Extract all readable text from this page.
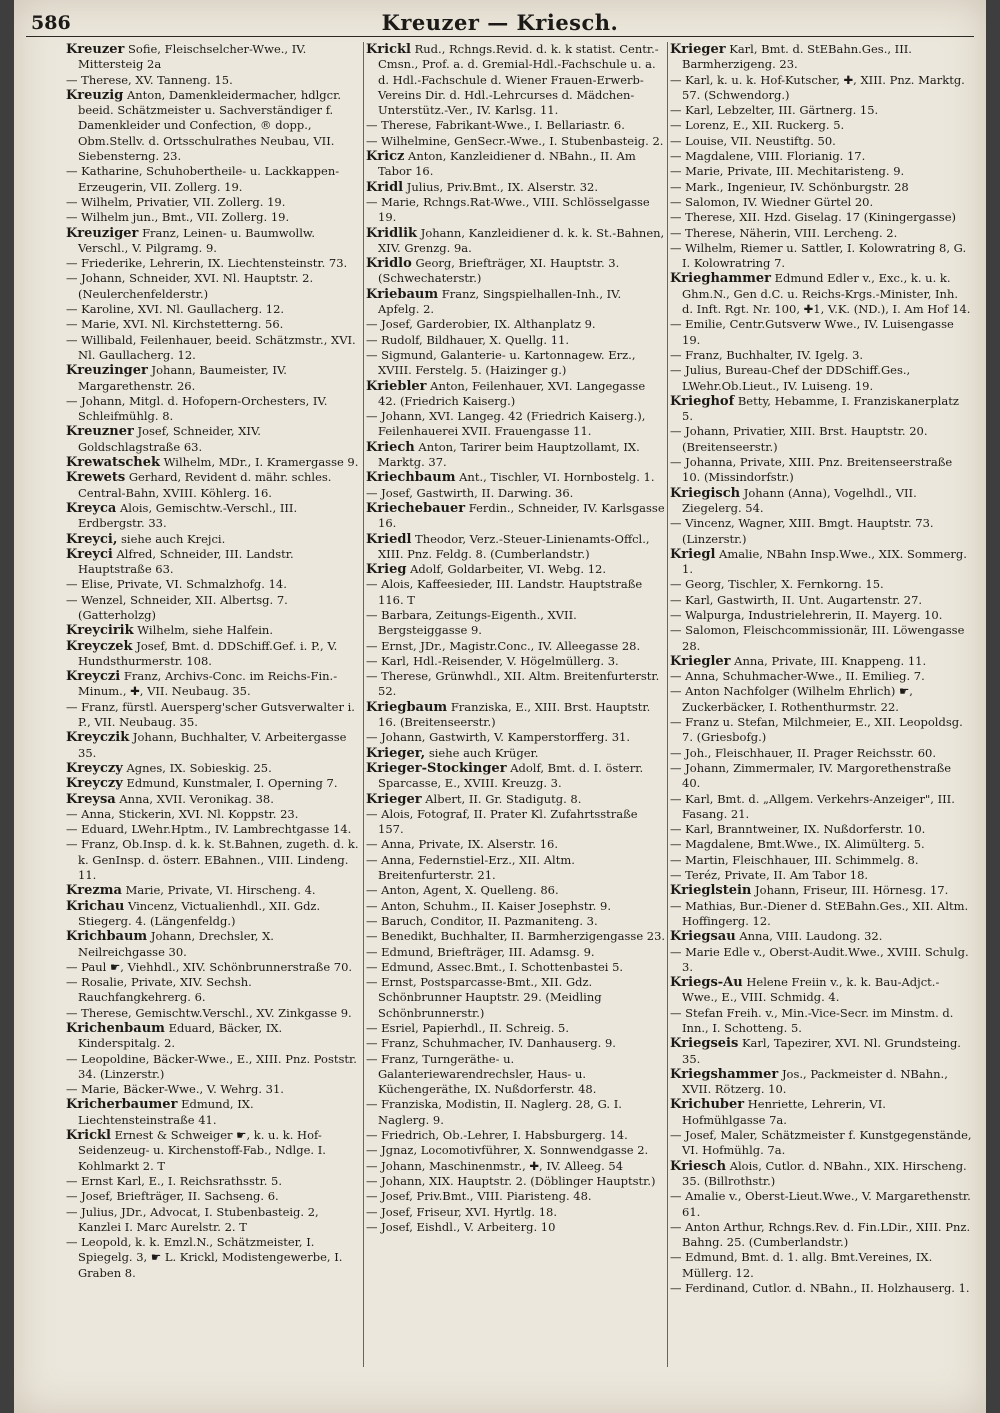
586	Kreuzer — Kriesch.
Kreuzer Sofie, Fleischselcher-Wwe., IV. Mittersteig 2a
— Therese, XV. Tanneng. 15.
Kreuzig Anton, Damenkleidermacher, hdlgcr. beeid. Schätzmeister u. Sachverständiger f. Damenkleider und Confection, ® dopp., Obm.Stellv. d. Ortsschulrathes Neubau, VII. Siebensterng. 23.
— Katharine, Schuhobertheile- u. Lackkappen-Erzeugerin, VII. Zollerg. 19.
— Wilhelm, Privatier, VII. Zollerg. 19.
— Wilhelm jun., Bmt., VII. Zollerg. 19.
Kreuziger Franz, Leinen- u. Baumwollw. Verschl., V. Pilgramg. 9.
— Friederike, Lehrerin, IX. Liechtensteinstr. 73.
— Johann, Schneider, XVI. Nl. Hauptstr. 2. (Neulerchenfelderstr.)
— Karoline, XVI. Nl. Gaullacherg. 12.
— Marie, XVI. Nl. Kirchstetterng. 56.
— Willibald, Feilenhauer, beeid. Schätzmstr., XVI. Nl. Gaullacherg. 12.
Kreuzinger Johann, Baumeister, IV. Margarethenstr. 26.
— Johann, Mitgl. d. Hofopern-Orchesters, IV. Schleifmühlg. 8.
Kreuzner Josef, Schneider, XIV. Goldschlagstraße 63.
Krewatschek Wilhelm, MDr., I. Kramergasse 9.
Krewets Gerhard, Revident d. mähr. schles. Central-Bahn, XVIII. Köhlerg. 16.
Kreyca Alois, Gemischtw.-Verschl., III. Erdbergstr. 33.
Kreyci, siehe auch Krejci.
Kreyci Alfred, Schneider, III. Landstr. Hauptstraße 63.
— Elise, Private, VI. Schmalzhofg. 14.
— Wenzel, Schneider, XII. Albertsg. 7. (Gatterholzg)
Kreycirik Wilhelm, siehe Halfein.
Kreyczek Josef, Bmt. d. DDSchiff.Gef. i. P., V. Hundsthurmerstr. 108.
Kreyczi Franz, Archivs-Conc. im Reichs-Fin.-Minum., ✚, VII. Neubaug. 35.
— Franz, fürstl. Auersperg'scher Gutsverwalter i. P., VII. Neubaug. 35.
Kreyczik Johann, Buchhalter, V. Arbeitergasse 35.
Kreyczy Agnes, IX. Sobieskig. 25.
Kreyczy Edmund, Kunstmaler, I. Operning 7.
Kreysa Anna, XVII. Veronikag. 38.
— Anna, Stickerin, XVI. Nl. Koppstr. 23.
— Eduard, LWehr.Hptm., IV. Lambrechtgasse 14.
— Franz, Ob.Insp. d. k. k. St.Bahnen, zugeth. d. k. k. GenInsp. d. österr. EBahnen., VIII. Lindeng. 11.
Krezma Marie, Private, VI. Hirscheng. 4.
Krichau Vincenz, Victualienhdl., XII. Gdz. Stiegerg. 4. (Längenfeldg.)
Krichbaum Johann, Drechsler, X. Neilreichgasse 30.
— Paul ☛, Viehhdl., XIV. Schönbrunnerstraße 70.
— Rosalie, Private, XIV. Sechsh. Rauchfangkehrerg. 6.
— Therese, Gemischtw.Verschl., XV. Zinkgasse 9.
Krichenbaum Eduard, Bäcker, IX. Kinderspitalg. 2.
— Leopoldine, Bäcker-Wwe., E., XIII. Pnz. Poststr. 34. (Linzerstr.)
— Marie, Bäcker-Wwe., V. Wehrg. 31.
Kricherbaumer Edmund, IX. Liechtensteinstraße 41.
Krickl Ernest & Schweiger ☛, k. u. k. Hof-Seidenzeug- u. Kirchenstoff-Fab., Ndlge. I. Kohlmarkt 2. T
— Ernst Karl, E., I. Reichsrathsstr. 5.
— Josef, Briefträger, II. Sachseng. 6.
— Julius, JDr., Advocat, I. Stubenbasteig. 2, Kanzlei I. Marc Aurelstr. 2. T
— Leopold, k. k. Emzl.N., Schätzmeister, I. Spiegelg. 3, ☛ L. Krickl, Modistengewerbe, I. Graben 8.
Krickl Rud., Rchngs.Revid. d. k. k statist. Centr.-Cmsn., Prof. a. d. Gremial-Hdl.-Fachschule u. a. d. Hdl.-Fachschule d. Wiener Frauen-Erwerb-Vereins Dir. d. Hdl.-Lehrcurses d. Mädchen-Unterstütz.-Ver., IV. Karlsg. 11.
— Therese, Fabrikant-Wwe., I. Bellariastr. 6.
— Wilhelmine, GenSecr.-Wwe., I. Stubenbasteig. 2.
Kricz Anton, Kanzleidiener d. NBahn., II. Am Tabor 16.
Kridl Julius, Priv.Bmt., IX. Alserstr. 32.
— Marie, Rchngs.Rat-Wwe., VIII. Schlösselgasse 19.
Kridlik Johann, Kanzleidiener d. k. k. St.-Bahnen, XIV. Grenzg. 9a.
Kridlo Georg, Briefträger, XI. Hauptstr. 3. (Schwechaterstr.)
Kriebaum Franz, Singspielhallen-Inh., IV. Apfelg. 2.
— Josef, Garderobier, IX. Althanplatz 9.
— Rudolf, Bildhauer, X. Quellg. 11.
— Sigmund, Galanterie- u. Kartonnagew. Erz., XVIII. Ferstelg. 5. (Haizinger g.)
Kriebler Anton, Feilenhauer, XVI. Langegasse 42. (Friedrich Kaiserg.)
— Johann, XVI. Langeg. 42 (Friedrich Kaiserg.), Feilenhauerei XVII. Frauengasse 11.
Kriech Anton, Tarirer beim Hauptzollamt, IX. Marktg. 37.
Kriechbaum Ant., Tischler, VI. Hornbostelg. 1.
— Josef, Gastwirth, II. Darwing. 36.
Kriechebauer Ferdin., Schneider, IV. Karlsgasse 16.
Kriedl Theodor, Verz.-Steuer-Linienamts-Offcl., XIII. Pnz. Feldg. 8. (Cumberlandstr.)
Krieg Adolf, Goldarbeiter, VI. Webg. 12.
— Alois, Kaffeesieder, III. Landstr. Hauptstraße 116. T
— Barbara, Zeitungs-Eigenth., XVII. Bergsteiggasse 9.
— Ernst, JDr., Magistr.Conc., IV. Alleegasse 28.
— Karl, Hdl.-Reisender, V. Högelmüllerg. 3.
— Therese, Grünwhdl., XII. Altm. Breitenfurterstr. 52.
Kriegbaum Franziska, E., XIII. Brst. Hauptstr. 16. (Breitenseerstr.)
— Johann, Gastwirth, V. Kamperstorfferg. 31.
Krieger, siehe auch Krüger.
Krieger-Stockinger Adolf, Bmt. d. I. österr. Sparcasse, E., XVIII. Kreuzg. 3.
Krieger Albert, II. Gr. Stadigutg. 8.
— Alois, Fotograf, II. Prater Kl. Zufahrtsstraße 157.
— Anna, Private, IX. Alserstr. 16.
— Anna, Federnstiel-Erz., XII. Altm. Breitenfurterstr. 21.
— Anton, Agent, X. Quelleng. 86.
— Anton, Schuhm., II. Kaiser Josephstr. 9.
— Baruch, Conditor, II. Pazmaniteng. 3.
— Benedikt, Buchhalter, II. Barmherzigengasse 23.
— Edmund, Briefträger, III. Adamsg. 9.
— Edmund, Assec.Bmt., I. Schottenbastei 5.
— Ernst, Postsparcasse-Bmt., XII. Gdz. Schönbrunner Hauptstr. 29. (Meidling Schönbrunnerstr.)
— Esriel, Papierhdl., II. Schreig. 5.
— Franz, Schuhmacher, IV. Danhauserg. 9.
— Franz, Turngeräthe- u. Galanteriewarendrechsler, Haus- u. Küchengeräthe, IX. Nußdorferstr. 48.
— Franziska, Modistin, II. Naglerg. 28, G. I. Naglerg. 9.
— Friedrich, Ob.-Lehrer, I. Habsburgerg. 14.
— Jgnaz, Locomotivführer, X. Sonnwendgasse 2.
— Johann, Maschinenmstr., ✚, IV. Alleeg. 54
— Johann, XIX. Hauptstr. 2. (Döblinger Hauptstr.)
— Josef, Priv.Bmt., VIII. Piaristeng. 48.
— Josef, Friseur, XVI. Hyrtlg. 18.
— Josef, Eishdl., V. Arbeiterg. 10
Krieger Karl, Bmt. d. StEBahn.Ges., III. Barmherzigeng. 23.
— Karl, k. u. k. Hof-Kutscher, ✚, XIII. Pnz. Marktg. 57. (Schwendorg.)
— Karl, Lebzelter, III. Gärtnerg. 15.
— Lorenz, E., XII. Ruckerg. 5.
— Louise, VII. Neustiftg. 50.
— Magdalene, VIII. Florianig. 17.
— Marie, Private, III. Mechitaristeng. 9.
— Mark., Ingenieur, IV. Schönburgstr. 28
— Salomon, IV. Wiedner Gürtel 20.
— Therese, XII. Hzd. Giselag. 17 (Kiningergasse)
— Therese, Näherin, VIII. Lercheng. 2.
— Wilhelm, Riemer u. Sattler, I. Kolowratring 8, G. I. Kolowratring 7.
Krieghammer Edmund Edler v., Exc., k. u. k. Ghm.N., Gen d.C. u. Reichs-Krgs.-Minister, Inh. d. Inft. Rgt. Nr. 100, ✚1, V.K. (ND.), I. Am Hof 14.
— Emilie, Centr.Gutsverw Wwe., IV. Luisengasse 19.
— Franz, Buchhalter, IV. Igelg. 3.
— Julius, Bureau-Chef der DDSchiff.Ges., LWehr.Ob.Lieut., IV. Luiseng. 19.
Krieghof Betty, Hebamme, I. Franziskanerplatz 5.
— Johann, Privatier, XIII. Brst. Hauptstr. 20. (Breitenseerstr.)
— Johanna, Private, XIII. Pnz. Breitenseerstraße 10. (Missindorfstr.)
Kriegisch Johann (Anna), Vogelhdl., VII. Ziegelerg. 54.
— Vincenz, Wagner, XIII. Bmgt. Hauptstr. 73. (Linzerstr.)
Kriegl Amalie, NBahn Insp.Wwe., XIX. Sommerg. 1.
— Georg, Tischler, X. Fernkorng. 15.
— Karl, Gastwirth, II. Unt. Augartenstr. 27.
— Walpurga, Industrielehrerin, II. Mayerg. 10.
— Salomon, Fleischcommissionär, III. Löwengasse 28.
Kriegler Anna, Private, III. Knappeng. 11.
— Anna, Schuhmacher-Wwe., II. Emilieg. 7.
— Anton Nachfolger (Wilhelm Ehrlich) ☛, Zuckerbäcker, I. Rothenthurmstr. 22.
— Franz u. Stefan, Milchmeier, E., XII. Leopoldsg. 7. (Griesbofg.)
— Joh., Fleischhauer, II. Prager Reichsstr. 60.
— Johann, Zimmermaler, IV. Margorethenstraße 40.
— Karl, Bmt. d. „Allgem. Verkehrs-Anzeiger", III. Fasang. 21.
— Karl, Branntweiner, IX. Nußdorferstr. 10.
— Magdalene, Bmt.Wwe., IX. Alimülterg. 5.
— Martin, Fleischhauer, III. Schimmelg. 8.
— Teréz, Private, II. Am Tabor 18.
Krieglstein Johann, Friseur, III. Hörnesg. 17.
— Mathias, Bur.-Diener d. StEBahn.Ges., XII. Altm. Hoffingerg. 12.
Kriegsau Anna, VIII. Laudong. 32.
— Marie Edle v., Oberst-Audit.Wwe., XVIII. Schulg. 3.
Kriegs-Au Helene Freiin v., k. k. Bau-Adjct.-Wwe., E., VIII. Schmidg. 4.
— Stefan Freih. v., Min.-Vice-Secr. im Minstm. d. Inn., I. Schotteng. 5.
Kriegseis Karl, Tapezirer, XVI. Nl. Grundsteing. 35.
Kriegshammer Jos., Packmeister d. NBahn., XVII. Rötzerg. 10.
Krichuber Henriette, Lehrerin, VI. Hofmühlgasse 7a.
— Josef, Maler, Schätzmeister f. Kunstgegenstände, VI. Hofmühlg. 7a.
Kriesch Alois, Cutlor. d. NBahn., XIX. Hirscheng. 35. (Billrothstr.)
— Amalie v., Oberst-Lieut.Wwe., V. Margarethenstr. 61.
— Anton Arthur, Rchngs.Rev. d. Fin.LDir., XIII. Pnz. Bahng. 25. (Cumberlandstr.)
— Edmund, Bmt. d. 1. allg. Bmt.Vereines, IX. Müllerg. 12.
— Ferdinand, Cutlor. d. NBahn., II. Holzhauserg. 1.
